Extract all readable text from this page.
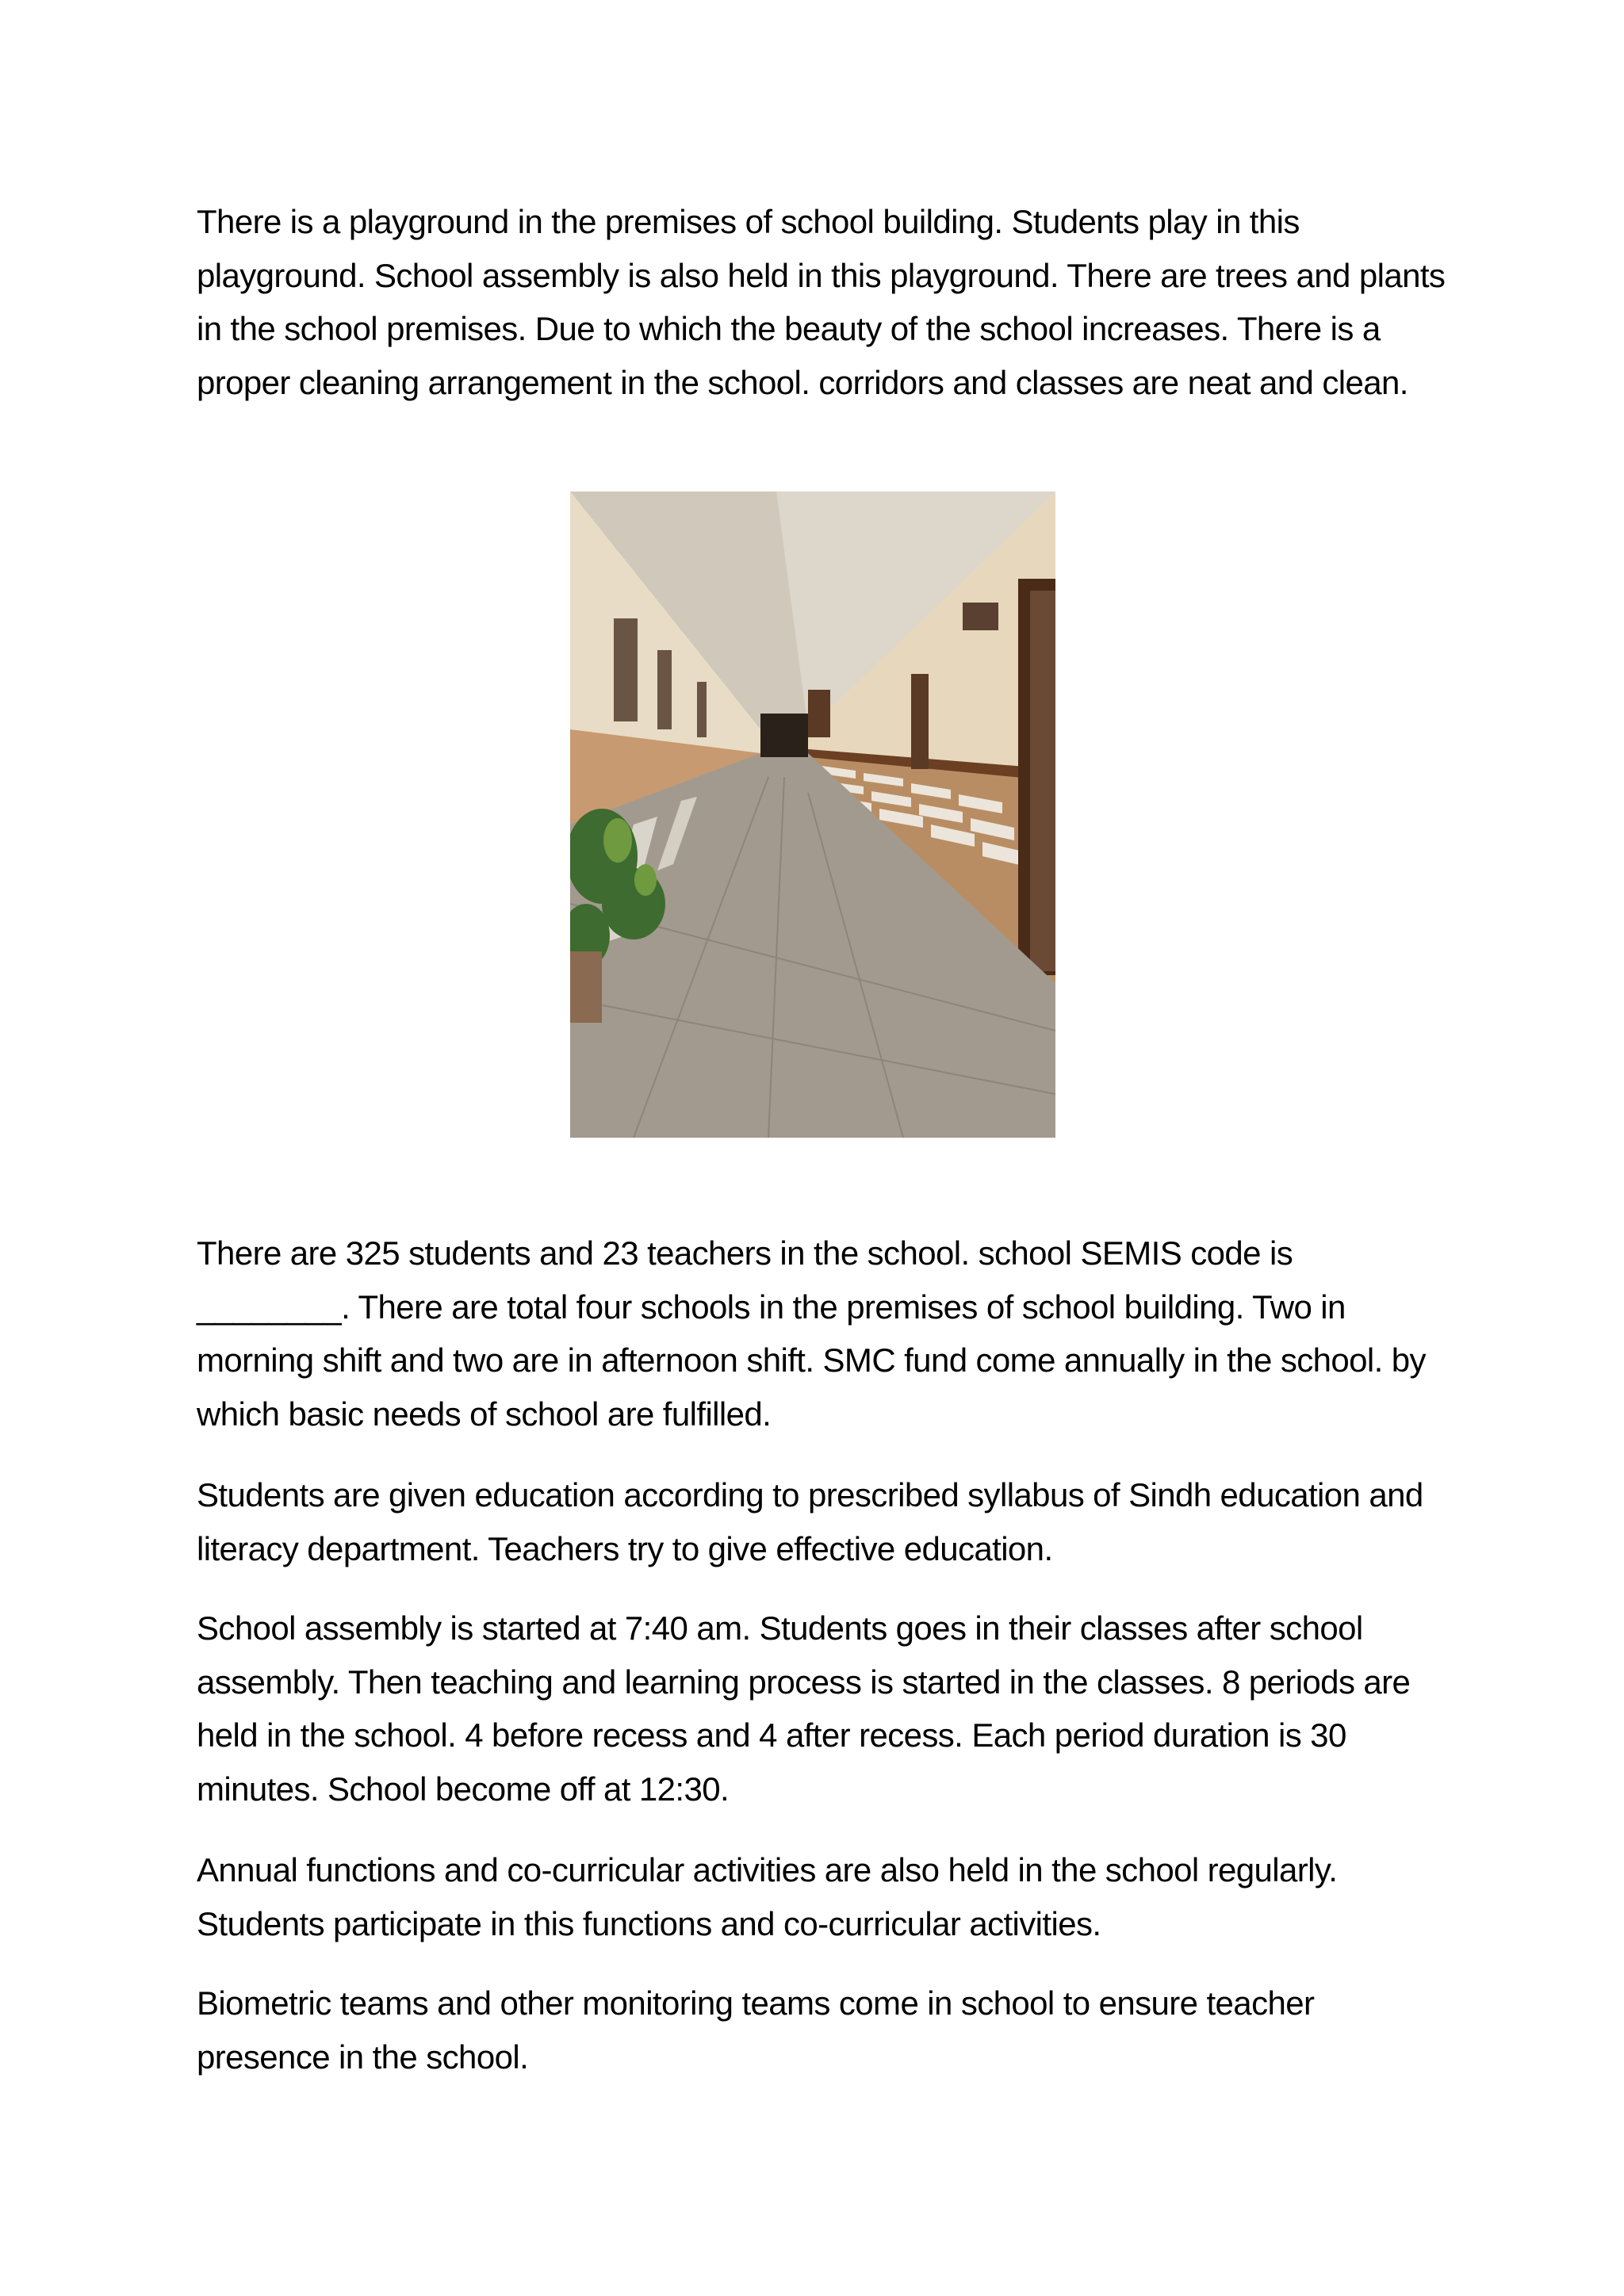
There is a playground in the premises of school building. Students play in this playground. School assembly is also held in this playground. There are trees and plants in the school premises. Due to which the beauty of the school increases. There is a proper cleaning arrangement in the school. corridors and classes are neat and clean.

There are 325 students and 23 teachers in the school. school SEMIS code is ________. There are total four schools in the premises of school building. Two in morning shift and two are in afternoon shift. SMC fund come annually in the school. by which basic needs of school are fulfilled.

Students are given education according to prescribed syllabus of Sindh education and literacy department. Teachers try to give effective education.

School assembly is started at 7:40 am. Students goes in their classes after school assembly. Then teaching and learning process is started in the classes. 8 periods are held in the school. 4 before recess and 4 after recess. Each period duration is 30 minutes. School become off at 12:30.

Annual functions and co-curricular activities are also held in the school regularly. Students participate in this functions and co-curricular activities.

Biometric teams and other monitoring teams come in school to ensure teacher presence in the school.
